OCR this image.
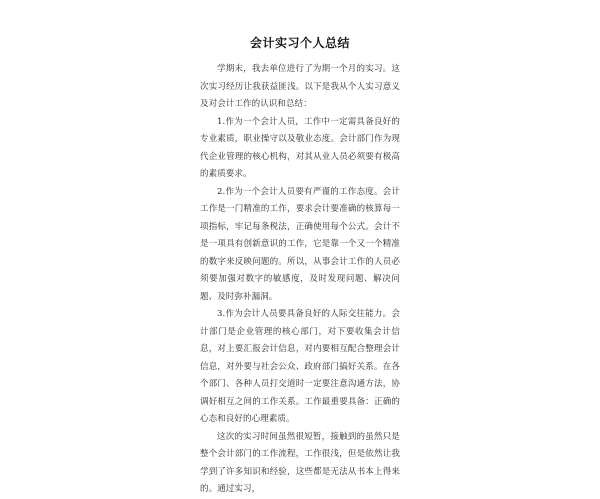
会计实习个人总结

学期末，我去单位进行了为期一个月的实习。这次实习经历让我获益匪浅。以下是我从个人实习意义及对会计工作的认识和总结：

1.作为一个会计人员，工作中一定需具备良好的专业素质，职业操守以及敬业态度。会计部门作为现代企业管理的核心机构，对其从业人员必须要有极高的素质要求。

2.作为一个会计人员要有严谨的工作态度。会计工作是一门精准的工作，要求会计要准确的核算每一项指标，牢记每条税法，正确使用每个公式。会计不是一项具有创新意识的工作，它是靠一个又一个精准的数字来反映问题的。所以，从事会计工作的人员必须要加强对数字的敏感度，及时发现问题、解决问题、及时弥补漏洞。

3.作为会计人员要具备良好的人际交往能力。会计部门是企业管理的核心部门，对下要收集会计信息，对上要汇报会计信息，对内要相互配合整理会计信息，对外要与社会公众、政府部门搞好关系。在各个部门、各种人员打交道时一定要注意沟通方法，协调好相互之间的工作关系。工作最重要具备：正确的心态和良好的心理素质。

这次的实习时间虽然很短暂，接触到的虽然只是整个会计部门的工作流程，工作很浅，但是依然让我学到了许多知识和经验，这些都是无法从书本上得来的。通过实习，
